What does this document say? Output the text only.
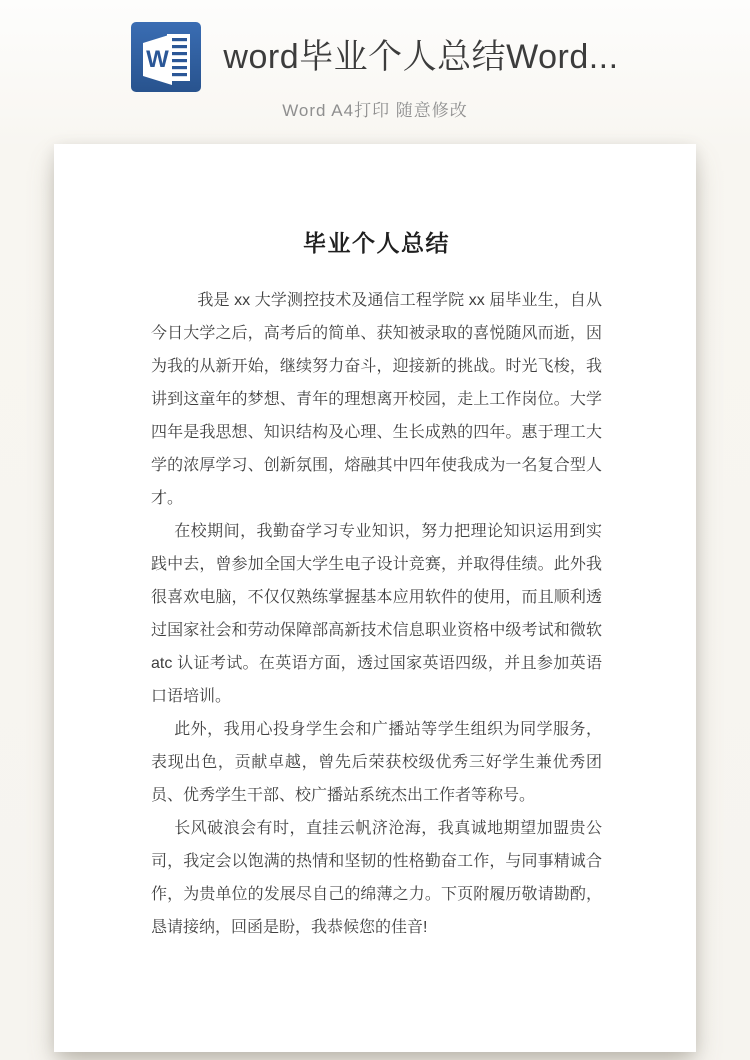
W word毕业个人总结Word...
Word A4打印 随意修改
毕业个人总结

我是 xx 大学测控技术及通信工程学院 xx 届毕业生，自从今日大学之后，高考后的简单、获知被录取的喜悦随风而逝，因为我的从新开始，继续努力奋斗，迎接新的挑战。时光飞梭，我讲到这童年的梦想、青年的理想离开校园，走上工作岗位。大学四年是我思想、知识结构及心理、生长成熟的四年。惠于理工大学的浓厚学习、创新氛围，熔融其中四年使我成为一名复合型人才。

在校期间，我勤奋学习专业知识，努力把理论知识运用到实践中去，曾参加全国大学生电子设计竞赛，并取得佳绩。此外我很喜欢电脑，不仅仅熟练掌握基本应用软件的使用，而且顺利透过国家社会和劳动保障部高新技术信息职业资格中级考试和微软 atc 认证考试。在英语方面，透过国家英语四级，并且参加英语口语培训。

此外，我用心投身学生会和广播站等学生组织为同学服务，表现出色，贡献卓越，曾先后荣获校级优秀三好学生兼优秀团员、优秀学生干部、校广播站系统杰出工作者等称号。

长风破浪会有时，直挂云帆济沧海，我真诚地期望加盟贵公司，我定会以饱满的热情和坚韧的性格勤奋工作，与同事精诚合作，为贵单位的发展尽自己的绵薄之力。下页附履历敬请勘酌，恳请接纳，回函是盼，我恭候您的佳音!
